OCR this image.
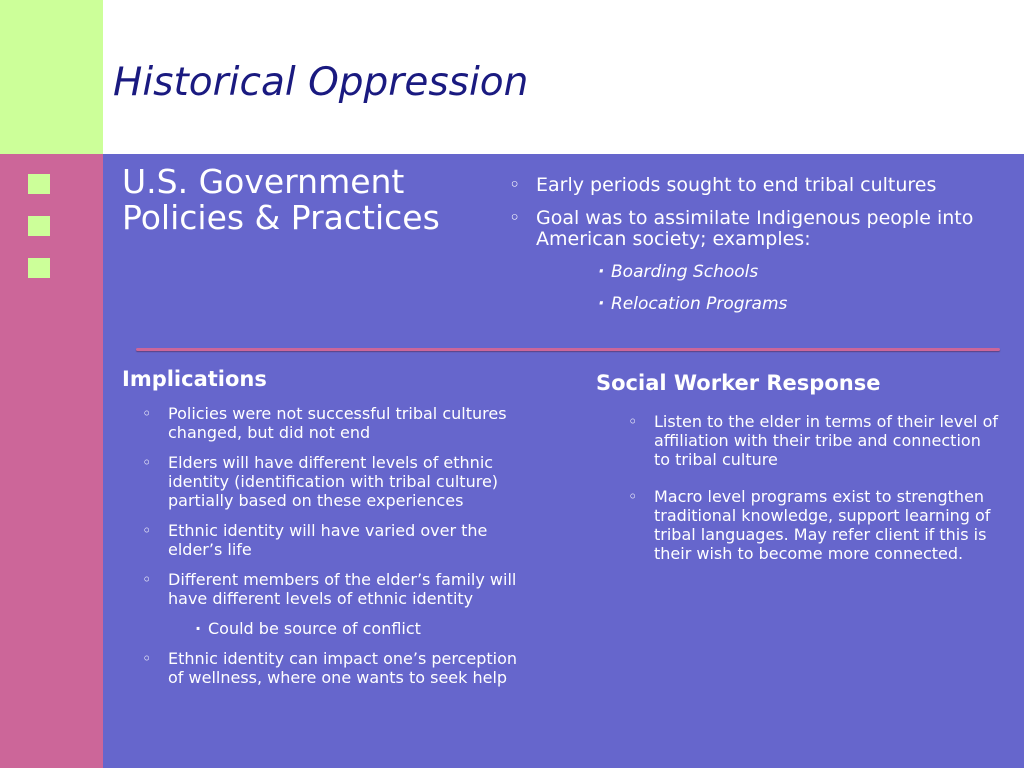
Historical Oppression
U.S. Government
Policies & Practices
◦ Early periods sought to end tribal cultures
◦ Goal was to assimilate Indigenous people into American society; examples:
· Boarding Schools
· Relocation Programs
Implications
◦ Policies were not successful tribal cultures changed, but did not end
◦ Elders will have different levels of ethnic identity (identification with tribal culture) partially based on these experiences
◦ Ethnic identity will have varied over the elder’s life
◦ Different members of the elder’s family will have different levels of ethnic identity
· Could be source of conflict
◦ Ethnic identity can impact one’s perception of wellness, where one wants to seek help
Social Worker Response
◦ Listen to the elder in terms of their level of affiliation with their tribe and connection to tribal culture
◦ Macro level programs exist to strengthen traditional knowledge, support learning of tribal languages. May refer client if this is their wish to become more connected.
